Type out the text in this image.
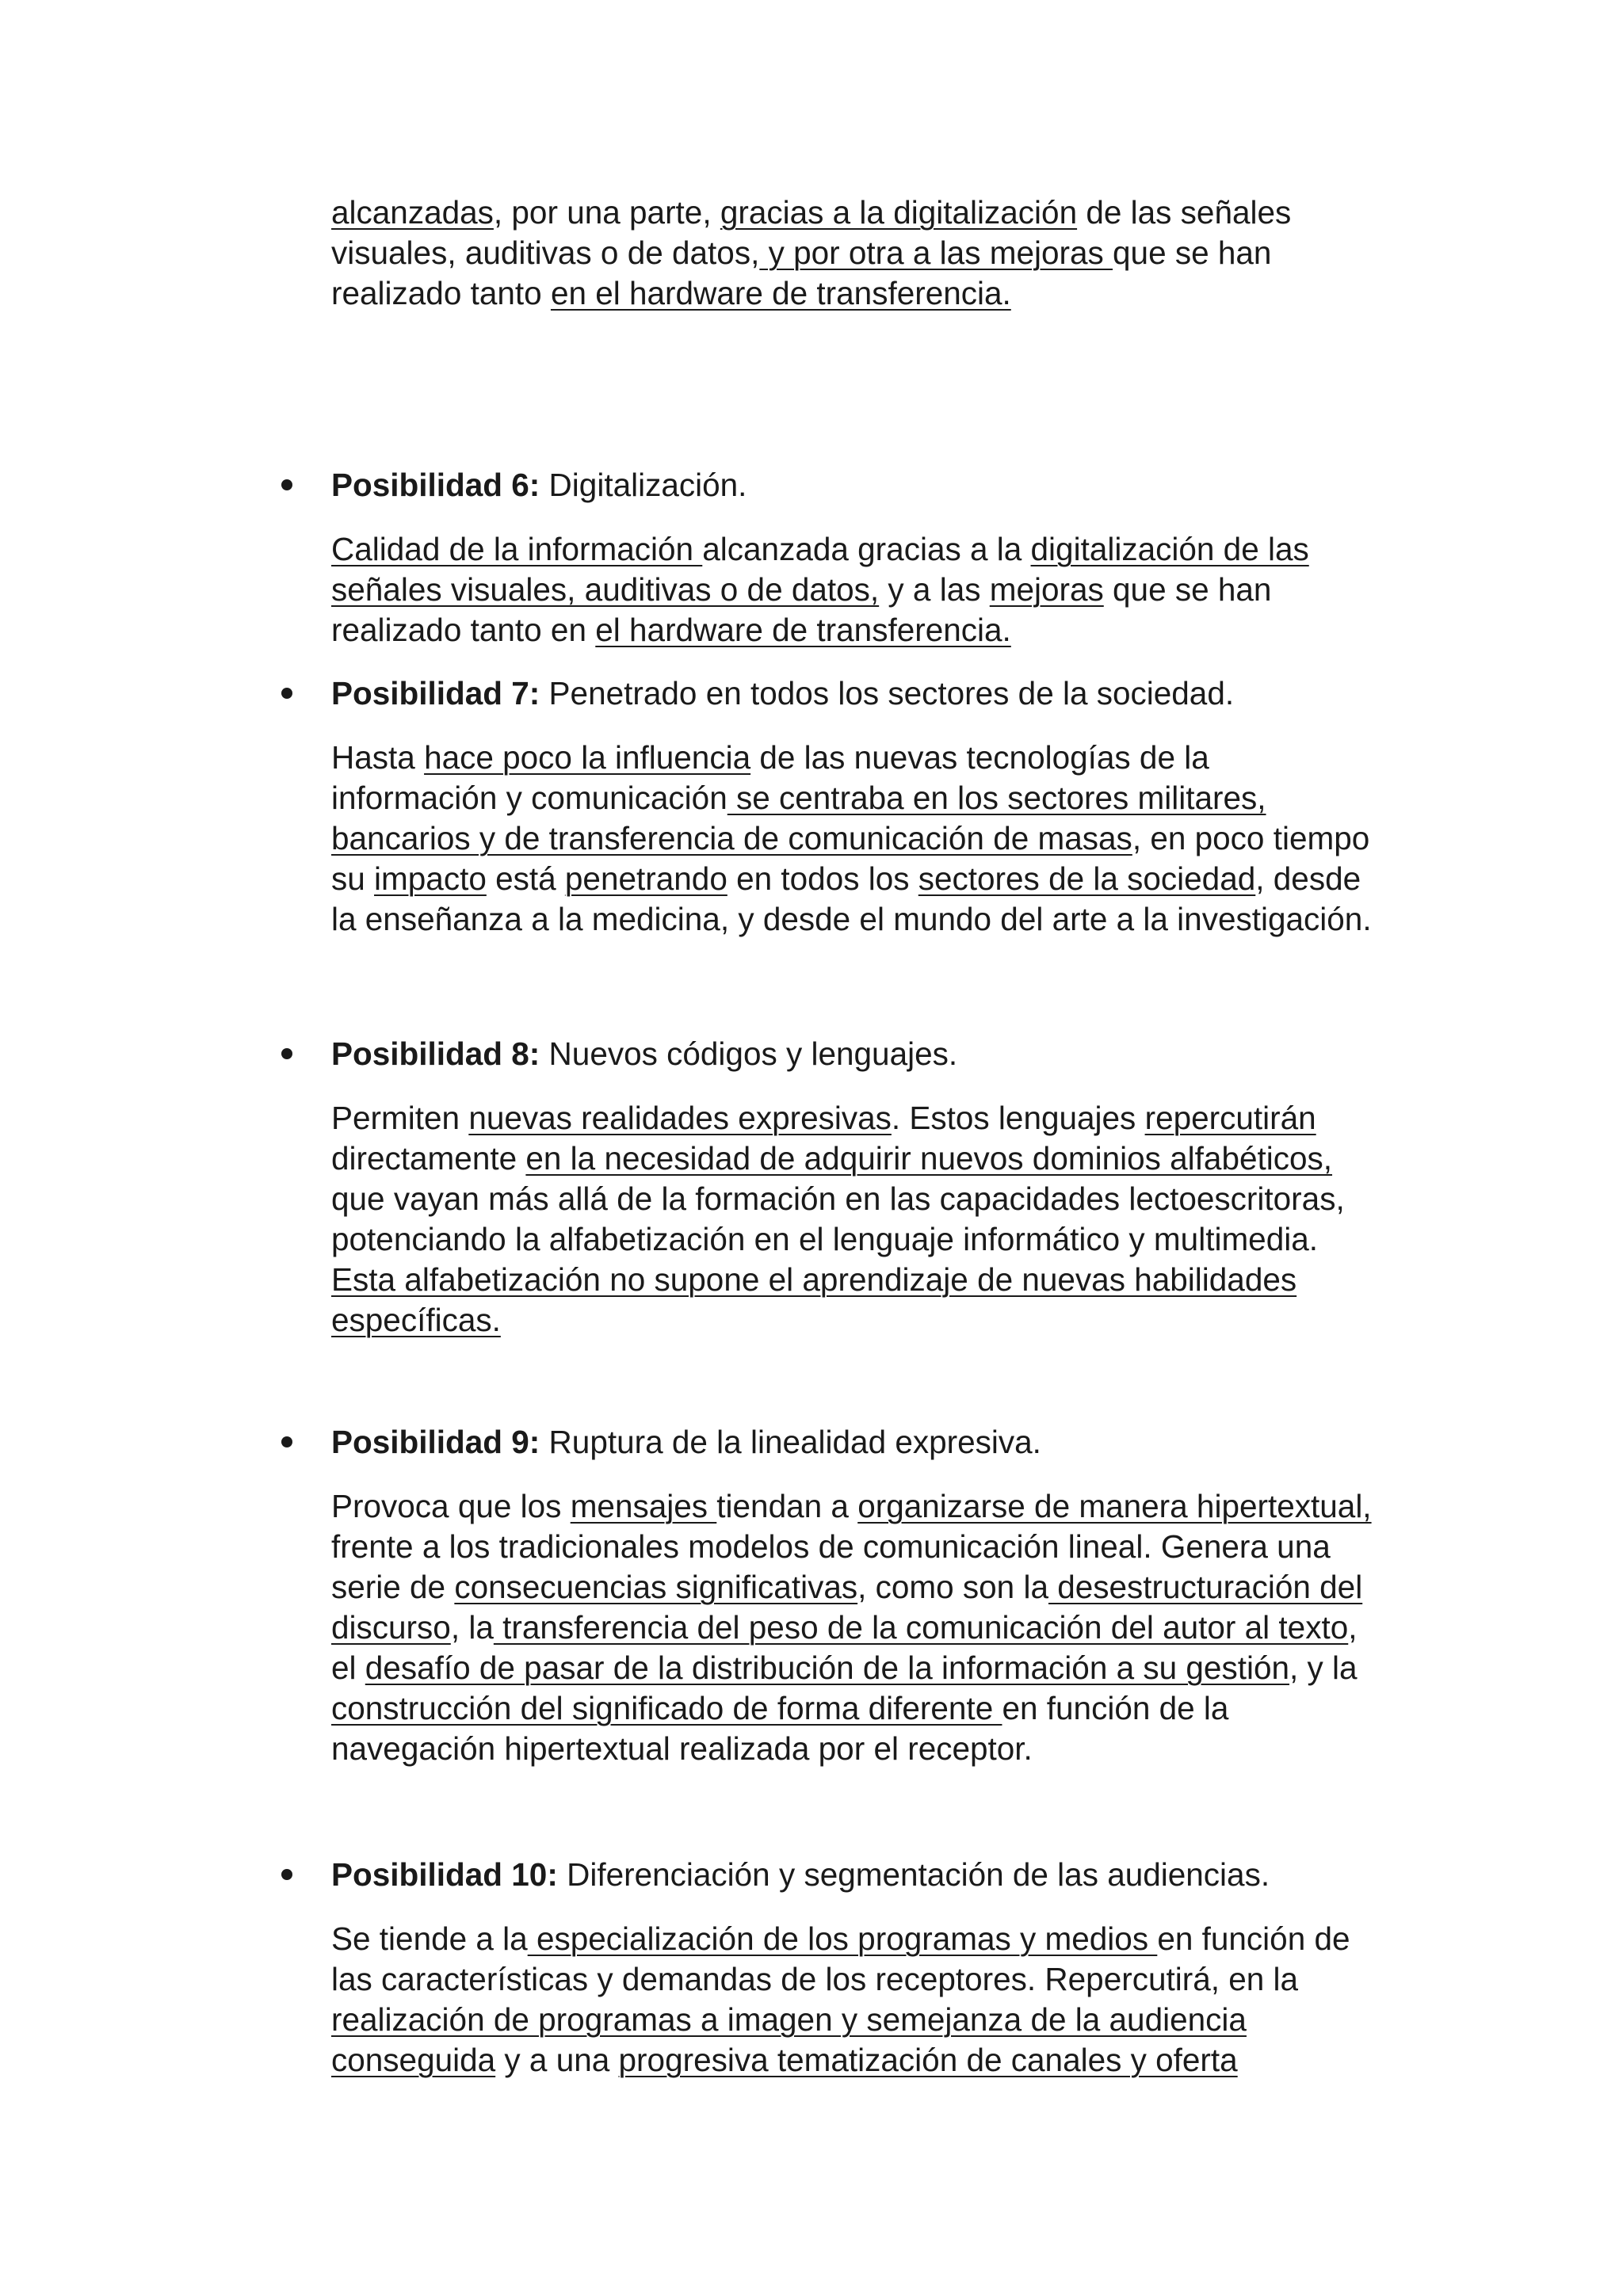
alcanzadas, por una parte, gracias a la digitalización de las señales
visuales, auditivas o de datos, y por otra a las mejoras que se han
realizado tanto en el hardware de transferencia.
Posibilidad 6: Digitalización.
Calidad de la información alcanzada gracias a la digitalización de las
señales visuales, auditivas o de datos, y a las mejoras que se han
realizado tanto en el hardware de transferencia.
Posibilidad 7: Penetrado en todos los sectores de la sociedad.
Hasta hace poco la influencia de las nuevas tecnologías de la
información y comunicación se centraba en los sectores militares,
bancarios y de transferencia de comunicación de masas, en poco tiempo
su impacto está penetrando en todos los sectores de la sociedad, desde
la enseñanza a la medicina, y desde el mundo del arte a la investigación.
Posibilidad 8: Nuevos códigos y lenguajes.
Permiten nuevas realidades expresivas. Estos lenguajes repercutirán
directamente en la necesidad de adquirir nuevos dominios alfabéticos,
que vayan más allá de la formación en las capacidades lectoescritoras,
potenciando la alfabetización en el lenguaje informático y multimedia.
Esta alfabetización no supone el aprendizaje de nuevas habilidades
específicas.
Posibilidad 9: Ruptura de la linealidad expresiva.
Provoca que los mensajes tiendan a organizarse de manera hipertextual,
frente a los tradicionales modelos de comunicación lineal. Genera una
serie de consecuencias significativas, como son la desestructuración del
discurso, la transferencia del peso de la comunicación del autor al texto,
el desafío de pasar de la distribución de la información a su gestión, y la
construcción del significado de forma diferente en función de la
navegación hipertextual realizada por el receptor.
Posibilidad 10: Diferenciación y segmentación de las audiencias.
Se tiende a la especialización de los programas y medios en función de
las características y demandas de los receptores. Repercutirá, en la
realización de programas a imagen y semejanza de la audiencia
conseguida y a una progresiva tematización de canales y oferta
